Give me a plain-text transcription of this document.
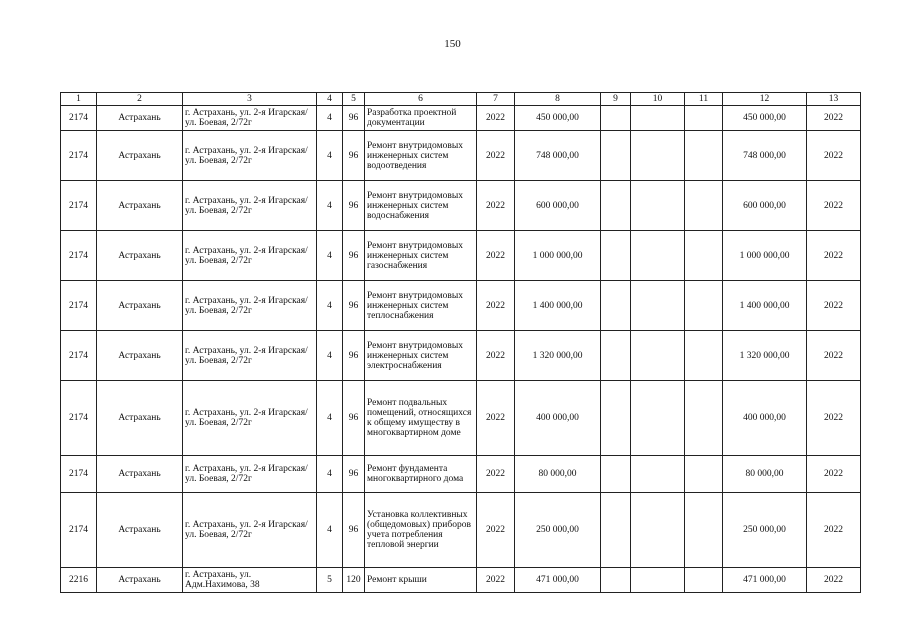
150
1	2	3	4	5	6	7	8	9	10	11	12	13
2174	Астрахань	г. Астрахань, ул. 2-я Игарская/ ул. Боевая, 2/72г	4	96	Разработка проектной документации	2022	450 000,00				450 000,00	2022
2174	Астрахань	г. Астрахань, ул. 2-я Игарская/ ул. Боевая, 2/72г	4	96	Ремонт внутридомовых инженерных систем водоотведения	2022	748 000,00				748 000,00	2022
2174	Астрахань	г. Астрахань, ул. 2-я Игарская/ ул. Боевая, 2/72г	4	96	Ремонт внутридомовых инженерных систем водоснабжения	2022	600 000,00				600 000,00	2022
2174	Астрахань	г. Астрахань, ул. 2-я Игарская/ ул. Боевая, 2/72г	4	96	Ремонт внутридомовых инженерных систем газоснабжения	2022	1 000 000,00				1 000 000,00	2022
2174	Астрахань	г. Астрахань, ул. 2-я Игарская/ ул. Боевая, 2/72г	4	96	Ремонт внутридомовых инженерных систем теплоснабжения	2022	1 400 000,00				1 400 000,00	2022
2174	Астрахань	г. Астрахань, ул. 2-я Игарская/ ул. Боевая, 2/72г	4	96	Ремонт внутридомовых инженерных систем электроснабжения	2022	1 320 000,00				1 320 000,00	2022
2174	Астрахань	г. Астрахань, ул. 2-я Игарская/ ул. Боевая, 2/72г	4	96	Ремонт подвальных помещений, относящихся к общему имуществу в многоквартирном доме	2022	400 000,00				400 000,00	2022
2174	Астрахань	г. Астрахань, ул. 2-я Игарская/ ул. Боевая, 2/72г	4	96	Ремонт фундамента многоквартирного дома	2022	80 000,00				80 000,00	2022
2174	Астрахань	г. Астрахань, ул. 2-я Игарская/ ул. Боевая, 2/72г	4	96	Установка коллективных (общедомовых) приборов учета потребления тепловой энергии	2022	250 000,00				250 000,00	2022
2216	Астрахань	г. Астрахань, ул. Адм.Нахимова, 38	5	120	Ремонт крыши	2022	471 000,00				471 000,00	2022
